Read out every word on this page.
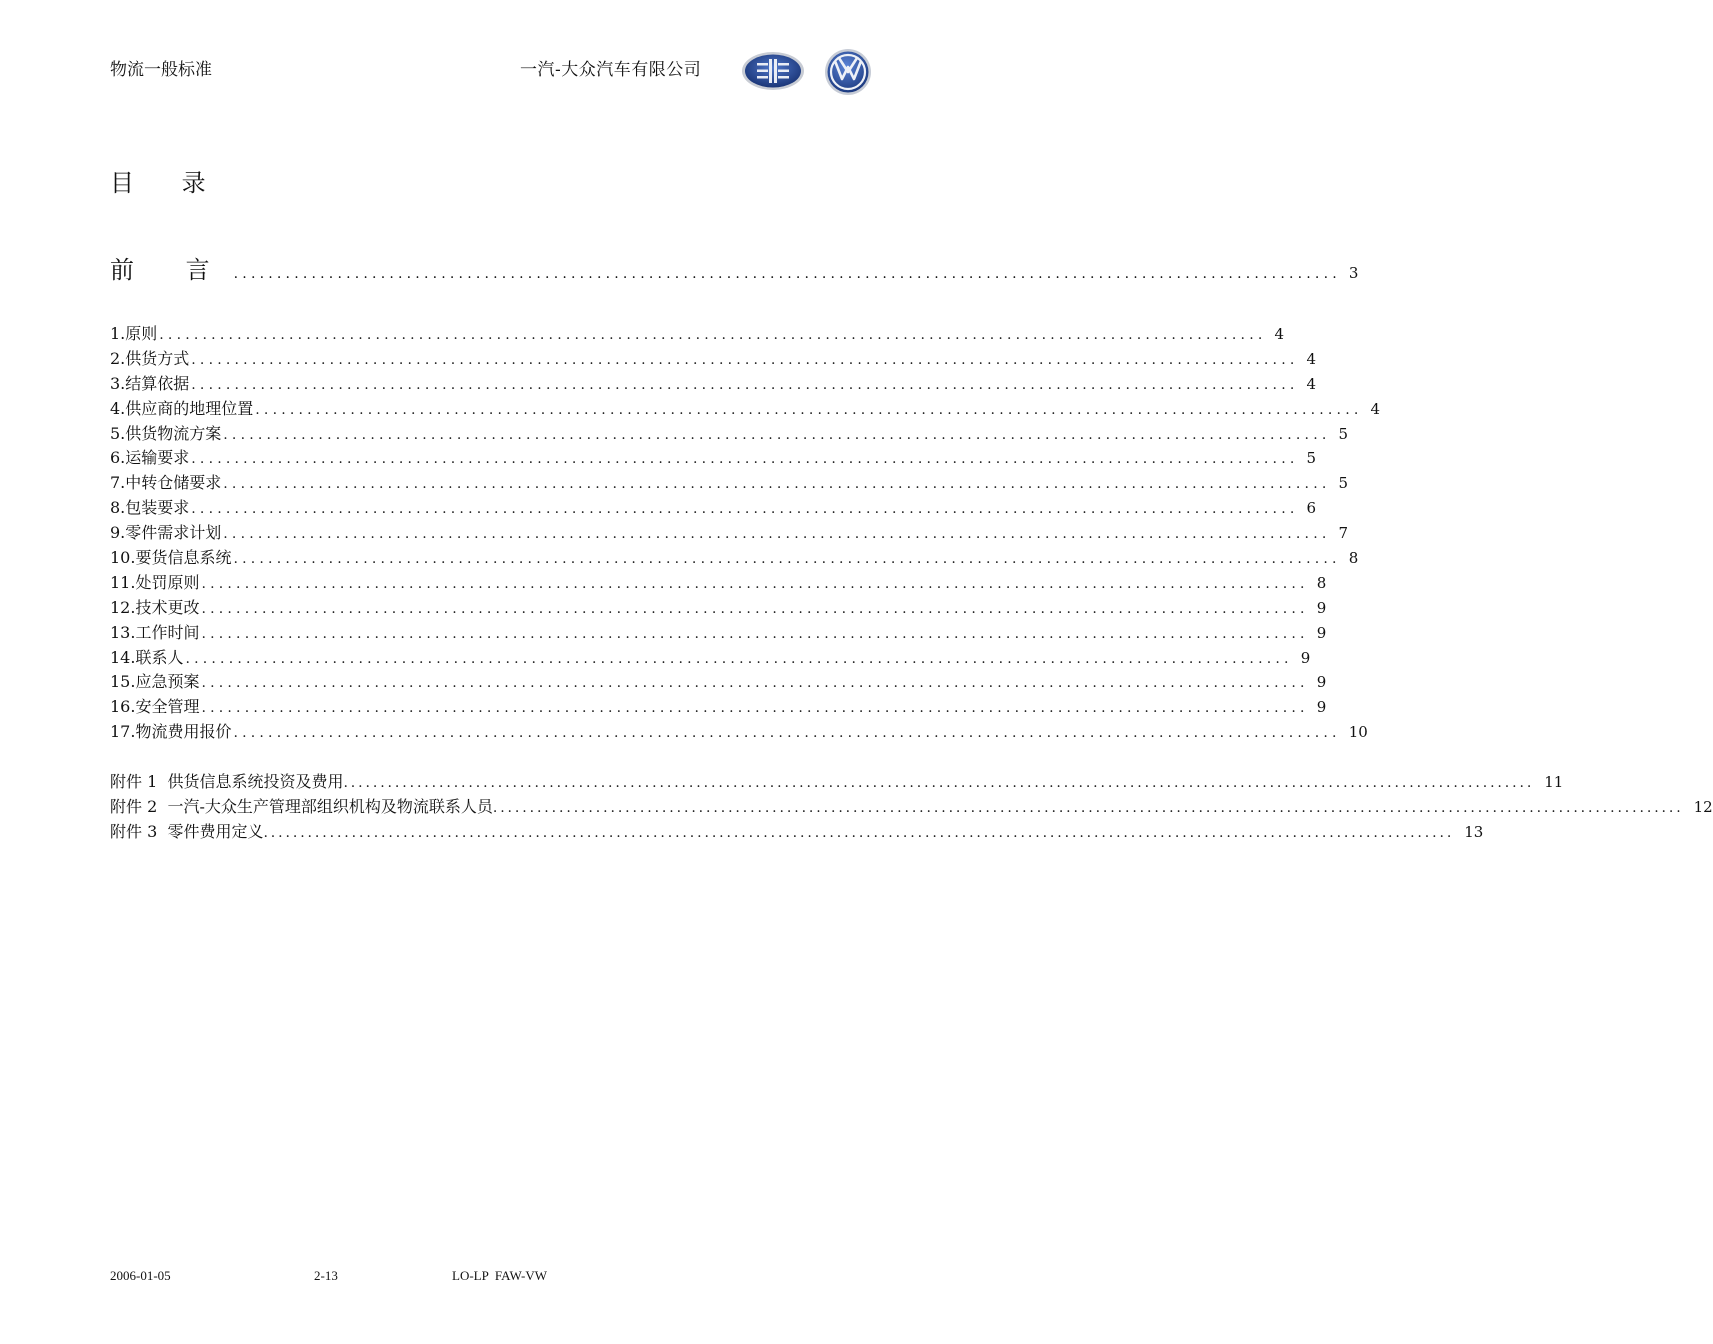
物流一般标准	一汽-大众汽车有限公司
目 录
前 言 ................................................................................................................................ 3
1.原则 ................................................................................................................................ 4
2.供货方式 ................................................................................................................................ 4
3.结算依据 ................................................................................................................................ 4
4.供应商的地理位置 ................................................................................................................................ 4
5.供货物流方案 ................................................................................................................................ 5
6.运输要求 ................................................................................................................................ 5
7.中转仓储要求 ................................................................................................................................ 5
8.包装要求 ................................................................................................................................ 6
9.零件需求计划 ................................................................................................................................ 7
10.要货信息系统 ................................................................................................................................ 8
11.处罚原则 ................................................................................................................................ 8
12.技术更改 ................................................................................................................................ 9
13.工作时间 ................................................................................................................................ 9
14.联系人 ................................................................................................................................ 9
15.应急预案 ................................................................................................................................ 9
16.安全管理 ................................................................................................................................ 9
17.物流费用报价 ................................................................................................................................ 10
附件 1  供货信息系统投资及费用 .................................................................................................................................................................. 11
附件 2  一汽-大众生产管理部组织机构及物流联系人员 .................................................................................................................................................................. 12
附件 3  零件费用定义 .................................................................................................................................................................. 13
2006-01-05	2-13	LO-LP  FAW-VW
